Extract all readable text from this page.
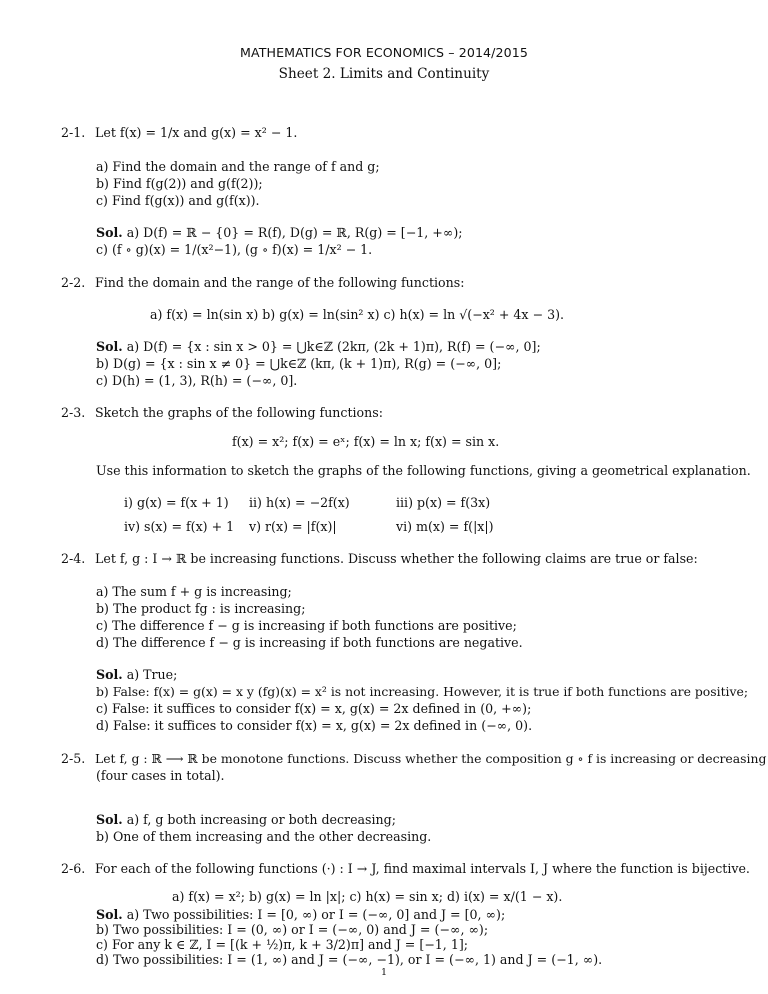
MATHEMATICS FOR ECONOMICS – 2014/2015
Sheet 2. Limits and Continuity
2-1. Let f(x) = 1/x and g(x) = x² − 1.
a) Find the domain and the range of f and g;
b) Find f(g(2)) and g(f(2));
c) Find f(g(x)) and g(f(x)).
Sol. a) D(f) = ℝ − {0} = R(f), D(g) = ℝ, R(g) = [−1, +∞);
c) (f ∘ g)(x) = 1/(x²−1), (g ∘ f)(x) = 1/x² − 1.
2-2. Find the domain and the range of the following functions:
a) f(x) = ln(sin x) b) g(x) = ln(sin² x) c) h(x) = ln √(−x² + 4x − 3).
Sol. a) D(f) = {x : sin x > 0} = ⋃k∈ℤ (2kπ, (2k + 1)π), R(f) = (−∞, 0];
b) D(g) = {x : sin x ≠ 0} = ⋃k∈ℤ (kπ, (k + 1)π), R(g) = (−∞, 0];
c) D(h) = (1, 3), R(h) = (−∞, 0].
2-3. Sketch the graphs of the following functions:
f(x) = x²; f(x) = eˣ; f(x) = ln x; f(x) = sin x.
Use this information to sketch the graphs of the following functions, giving a geometrical explanation.
i) g(x) = f(x + 1) ii) h(x) = −2f(x)	iii) p(x) = f(3x)
iv) s(x) = f(x) + 1 v) r(x) = |f(x)|	vi) m(x) = f(|x|)
2-4. Let f, g : I → ℝ be increasing functions. Discuss whether the following claims are true or false:
a) The sum f + g is increasing;
b) The product fg : is increasing;
c) The difference f − g is increasing if both functions are positive;
d) The difference f − g is increasing if both functions are negative.
Sol. a) True;
b) False: f(x) = g(x) = x y (fg)(x) = x² is not increasing. However, it is true if both functions are positive;
c) False: it suffices to consider f(x) = x, g(x) = 2x defined in (0, +∞);
d) False: it suffices to consider f(x) = x, g(x) = 2x defined in (−∞, 0).
2-5. Let f, g : ℝ ⟶ ℝ be monotone functions. Discuss whether the composition g ∘ f is increasing or decreasing
(four cases in total).
Sol. a) f, g both increasing or both decreasing;
b) One of them increasing and the other decreasing.
2-6. For each of the following functions (·) : I → J, find maximal intervals I, J where the function is bijective.
a) f(x) = x²; b) g(x) = ln |x|; c) h(x) = sin x; d) i(x) = x/(1 − x).
Sol. a) Two possibilities: I = [0, ∞) or I = (−∞, 0] and J = [0, ∞);
b) Two possibilities: I = (0, ∞) or I = (−∞, 0) and J = (−∞, ∞);
1
c) For any k ∈ ℤ, I = [(k + ½)π, k + 3/2)π] and J = [−1, 1];
d) Two possibilities: I = (1, ∞) and J = (−∞, −1), or I = (−∞, 1) and J = (−1, ∞).
